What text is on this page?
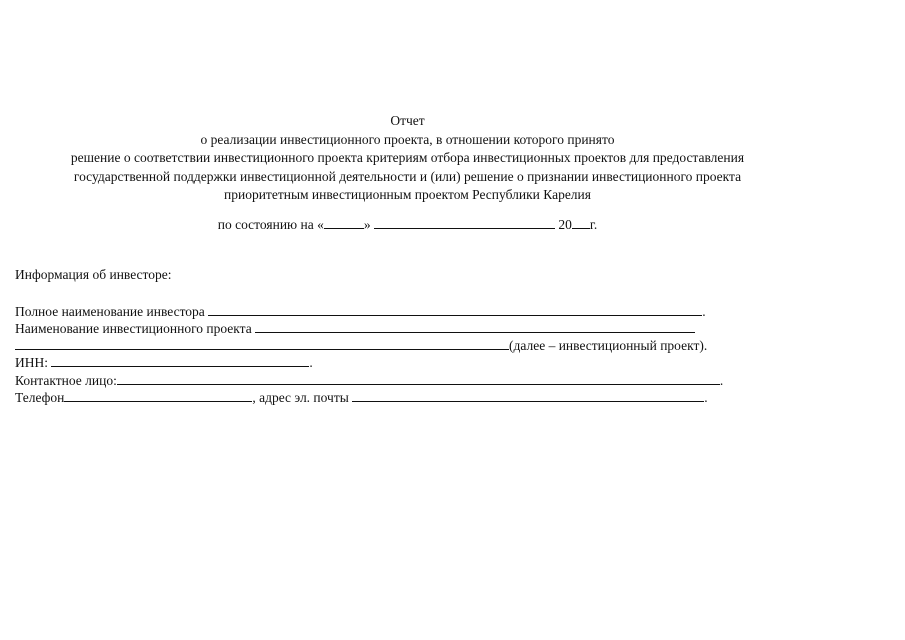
Отчет
о реализации инвестиционного проекта, в отношении которого принято
решение о соответствии инвестиционного проекта критериям отбора инвестиционных проектов для предоставления
государственной поддержки инвестиционной деятельности и (или) решение о признании инвестиционного проекта
приоритетным инвестиционным проектом Республики Карелия
по состоянию на «	»	20 г.
Информация об инвесторе:
Полное наименование инвестора	.
Наименование инвестиционного проекта
(далее – инвестиционный проект).
ИНН:	.
Контактное лицо:	.
Телефон	, адрес эл. почты	.
